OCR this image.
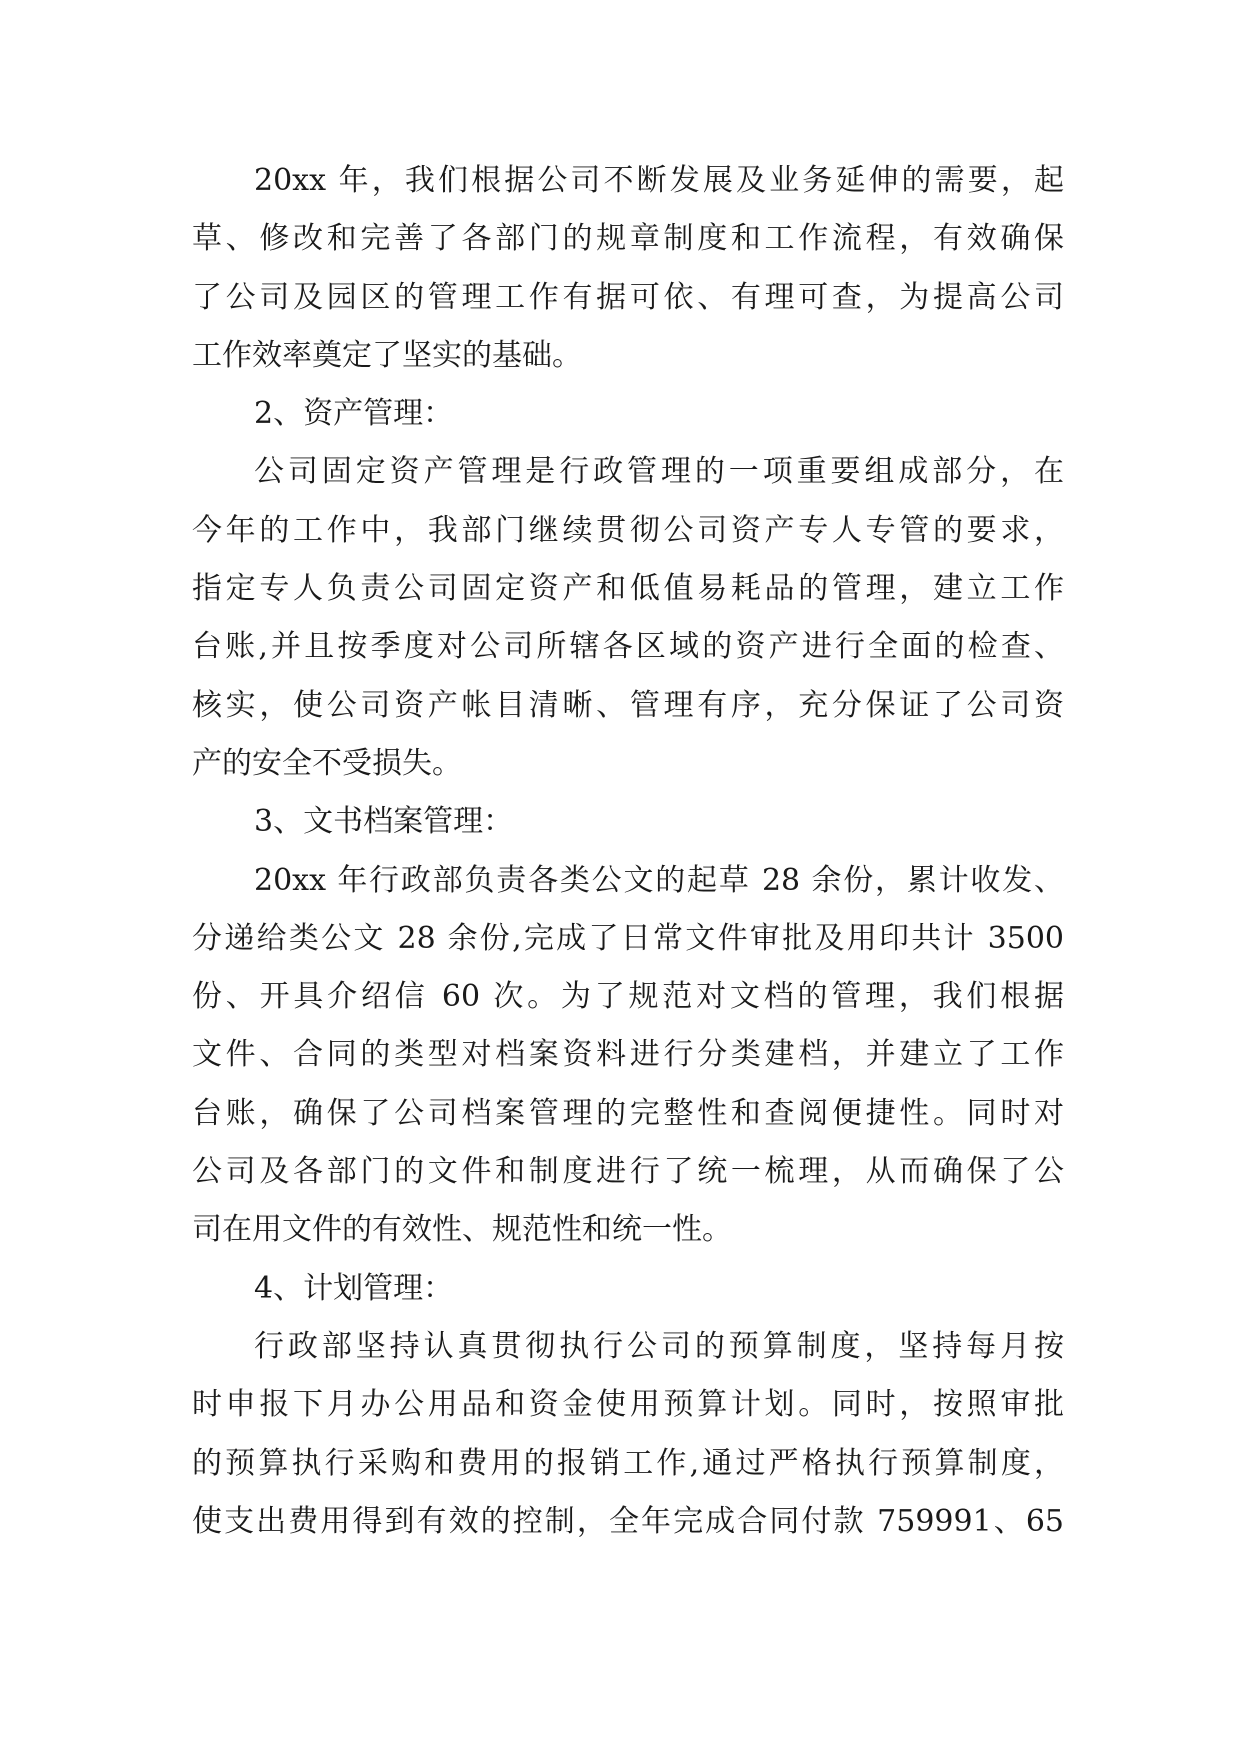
20xx 年，我们根据公司不断发展及业务延伸的需要，起
草、修改和完善了各部门的规章制度和工作流程，有效确保
了公司及园区的管理工作有据可依、有理可查，为提高公司
工作效率奠定了坚实的基础。
2、资产管理：
公司固定资产管理是行政管理的一项重要组成部分，在
今年的工作中，我部门继续贯彻公司资产专人专管的要求，
指定专人负责公司固定资产和低值易耗品的管理，建立工作
台账,并且按季度对公司所辖各区域的资产进行全面的检查、
核实，使公司资产帐目清晰、管理有序，充分保证了公司资
产的安全不受损失。
3、文书档案管理：
20xx 年行政部负责各类公文的起草 28 余份，累计收发、
分递给类公文 28 余份,完成了日常文件审批及用印共计 3500
份、开具介绍信 60 次。为了规范对文档的管理，我们根据
文件、合同的类型对档案资料进行分类建档，并建立了工作
台账，确保了公司档案管理的完整性和查阅便捷性。同时对
公司及各部门的文件和制度进行了统一梳理，从而确保了公
司在用文件的有效性、规范性和统一性。
4、计划管理：
行政部坚持认真贯彻执行公司的预算制度，坚持每月按
时申报下月办公用品和资金使用预算计划。同时，按照审批
的预算执行采购和费用的报销工作,通过严格执行预算制度，
使支出费用得到有效的控制，全年完成合同付款 759991、65
